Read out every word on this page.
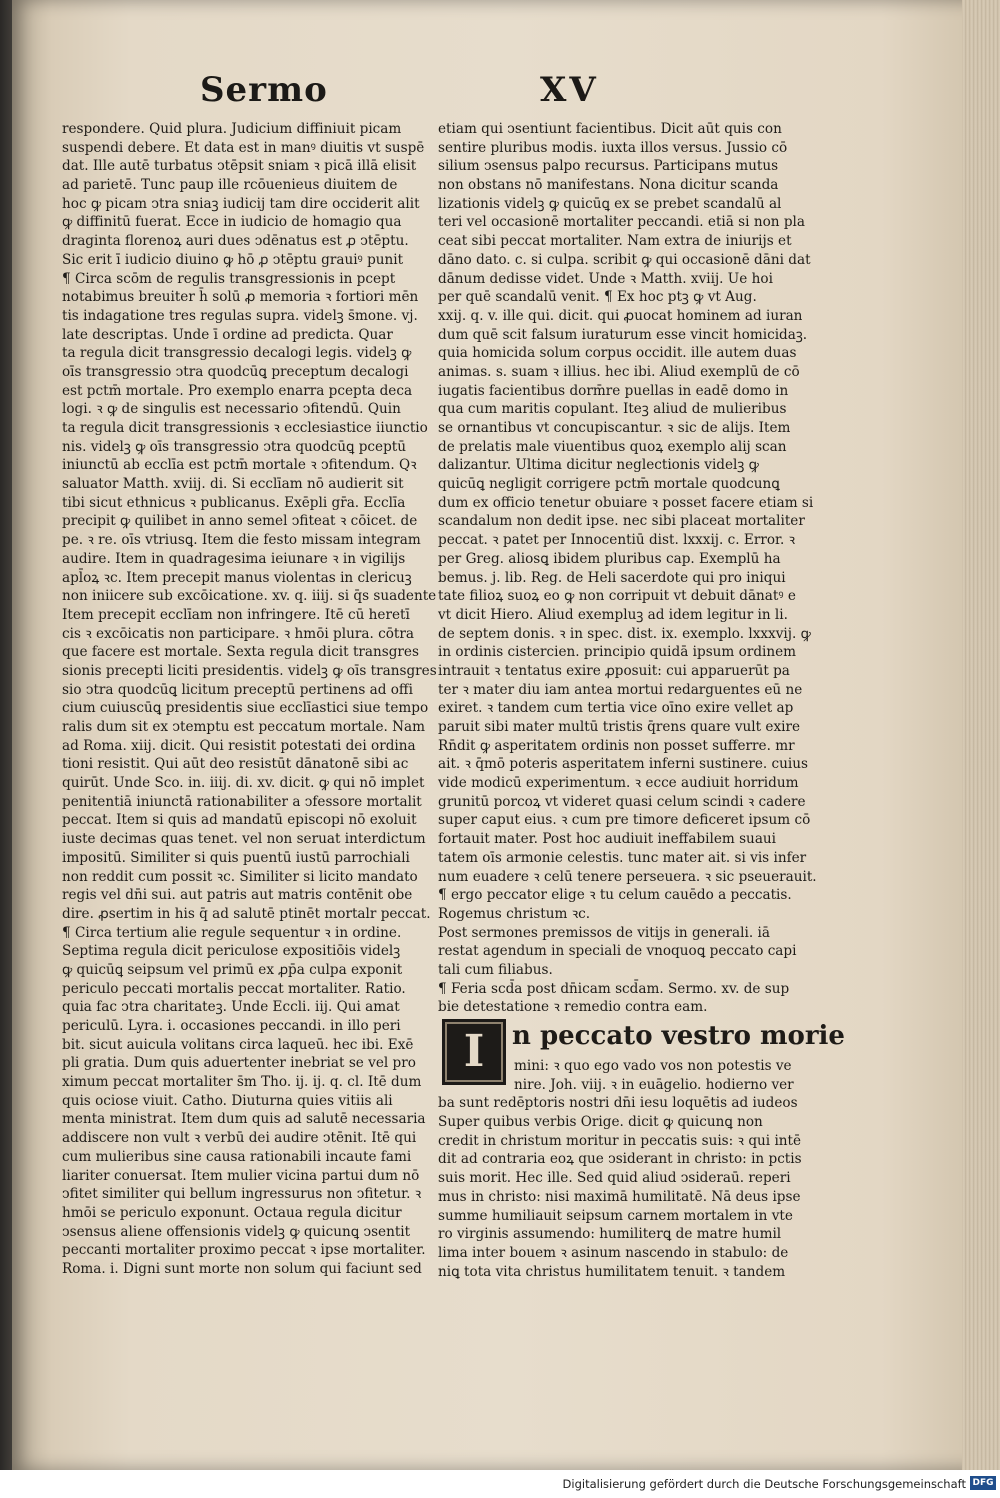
Sermo	XV
respondere. Quid plura. Judicium diffiniuit picam
suspendi debere. Et data est in manꝰ diuitis vt suspē
dat. Ille autē turbatus ↄtēpsit sniam ꝛ picā illā elisit
ad parietē. Tunc paup ille rcōuenieus diuitem de
hoc ꝙ picam ↄtra sniaꝫ iudicij tam dire occiderit alit
ꝙ diffinitū fuerat. Ecce in iudicio de homagio qua
draginta florenoꝝ auri dues ↄdēnatus est ꝓ ↄtēptu.
Sic erit ī iudicio diuino ꝙ hō ꝓ ↄtēptu grauiꝰ punit
¶ Circa scōm de regulis transgressionis in pcept
notabimus breuiter h̄ solū ꝓ memoria ꝛ fortiori mēn
tis indagatione tres regulas supra. videlꝫ s̄mone. vj.
late descriptas. Unde ī ordine ad predicta. Quar
ta regula dicit transgressio decalogi legis. videlꝫ ꝙ
oīs transgressio ↄtra quodcūꝗ preceptum decalogi
est pctm̄ mortale. Pro exemplo enarra pcepta deca
logi. ꝛ ꝙ de singulis est necessario ↄfitendū. Quin
ta regula dicit transgressionis ꝛ ecclesiastice iiunctio
nis. videlꝫ ꝙ oīs transgressio ↄtra quodcūꝗ pceptū
iniunctū ab ecclīa est pctm̄ mortale ꝛ ↄfitendum. Qꝛ
saluator Matth. xviij. di. Si ecclīam nō audierit sit
tibi sicut ethnicus ꝛ publicanus. Exēpli gr̄a. Ecclīa
precipit ꝙ quilibet in anno semel ↄfiteat ꝛ cōicet. de
pe. ꝛ re. oīs vtriusꝗ. Item die festo missam integram
audire. Item in quadragesima ieiunare ꝛ in vigilijs
apl̄oꝝ ꝛc. Item precepit manus violentas in clericuꝫ
non iniicere sub excōicatione. xv. q. iiij. si q̄s suadente
Item precepit ecclīam non infringere. Itē cū heretī
cis ꝛ excōicatis non participare. ꝛ hmōi plura. cōtra
que facere est mortale. Sexta regula dicit transgres
sionis precepti liciti presidentis. videlꝫ ꝙ oīs transgres
sio ↄtra quodcūꝗ licitum preceptū pertinens ad offi
cium cuiuscūꝗ presidentis siue ecclīastici siue tempo
ralis dum sit ex ↄtemptu est peccatum mortale. Nam
ad Roma. xiij. dicit. Qui resistit potestati dei ordina
tioni resistit. Qui aūt deo resistūt dānatonē sibi ac
quirūt. Unde Sco. in. iiij. di. xv. dicit. ꝙ qui nō implet
penitentiā iniunctā rationabiliter a ↄfessore mortalit
peccat. Item si quis ad mandatū episcopi nō exoluit
iuste decimas quas tenet. vel non seruat interdictum
impositū. Similiter si quis puentū iustū parrochiali
non reddit cum possit ꝛc. Similiter si licito mandato
regis vel dn̄i sui. aut patris aut matris contēnit obe
dire. ꝓsertim in his q̄ ad salutē ptinēt mortalr peccat.
¶ Circa tertium alie regule sequentur ꝛ in ordine.
Septima regula dicit periculose expositiōis videlꝫ
ꝙ quicūꝗ seipsum vel primū ex ꝓp̄a culpa exponit
periculo peccati mortalis peccat mortaliter. Ratio.
quia fac ↄtra charitateꝫ. Unde Eccli. iij. Qui amat
periculū. Lyra. i. occasiones peccandi. in illo peri
bit. sicut auicula volitans circa laqueū. hec ibi. Exē
pli gratia. Dum quis aduertenter inebriat se vel pro
ximum peccat mortaliter s̄m Tho. ij. ij. q. cl. Itē dum
quis ociose viuit. Catho. Diuturna quies vitiis ali
menta ministrat. Item dum quis ad salutē necessaria
addiscere non vult ꝛ verbū dei audire ↄtēnit. Itē qui
cum mulieribus sine causa rationabili incaute fami
liariter conuersat. Item mulier vicina partui dum nō
ↄfitet similiter qui bellum ingressurus non ↄfitetur. ꝛ
hmōi se periculo exponunt. Octaua regula dicitur
ↄsensus aliene offensionis videlꝫ ꝙ quicunꝗ ↄsentit
peccanti mortaliter proximo peccat ꝛ ipse mortaliter.
Roma. i. Digni sunt morte non solum qui faciunt sed
etiam qui ↄsentiunt facientibus. Dicit aūt quis con
sentire pluribus modis. iuxta illos versus. Jussio cō
silium ↄsensus palpo recursus. Participans mutus
non obstans nō manifestans. Nona dicitur scanda
lizationis videlꝫ ꝙ quicūꝗ ex se prebet scandalū al
teri vel occasionē mortaliter peccandi. etiā si non pla
ceat sibi peccat mortaliter. Nam extra de iniurijs et
dāno dato. c. si culpa. scribit ꝙ qui occasionē dāni dat
dānum dedisse videt. Unde ꝛ Matth. xviij. Ue hoi
per quē scandalū venit. ¶ Ex hoc ptꝫ ꝙ vt Aug.
xxij. q. v. ille qui. dicit. qui ꝓuocat hominem ad iuran
dum quē scit falsum iuraturum esse vincit homicidaꝫ.
quia homicida solum corpus occidit. ille autem duas
animas. s. suam ꝛ illius. hec ibi. Aliud exemplū de cō
iugatis facientibus dorm̄re puellas in eadē domo in
qua cum maritis copulant. Iteꝫ aliud de mulieribus
se ornantibus vt concupiscantur. ꝛ sic de alijs. Item
de prelatis male viuentibus quoꝝ exemplo alij scan
dalizantur. Ultima dicitur neglectionis videlꝫ ꝙ
quicūꝗ negligit corrigere pctm̄ mortale quodcunꝗ
dum ex officio tenetur obuiare ꝛ posset facere etiam si
scandalum non dedit ipse. nec sibi placeat mortaliter
peccat. ꝛ patet per Innocentiū dist. lxxxij. c. Error. ꝛ
per Greg. aliosꝗ ibidem pluribus cap. Exemplū ha
bemus. j. lib. Reg. de Heli sacerdote qui pro iniqui
tate filioꝝ suoꝝ eo ꝙ non corripuit vt debuit dānatꝰ e
vt dicit Hiero. Aliud exempluꝫ ad idem legitur in li.
de septem donis. ꝛ in spec. dist. ix. exemplo. lxxxvij. ꝙ
in ordinis cistercien. principio quidā ipsum ordinem
intrauit ꝛ tentatus exire ꝓposuit: cui apparuerūt pa
ter ꝛ mater diu iam antea mortui redarguentes eū ne
exiret. ꝛ tandem cum tertia vice oīno exire vellet ap
paruit sibi mater multū tristis q̄rens quare vult exire
Rn̄dit ꝙ asperitatem ordinis non posset sufferre. mr
ait. ꝛ q̄mō poteris asperitatem inferni sustinere. cuius
vide modicū experimentum. ꝛ ecce audiuit horridum
grunitū porcoꝝ vt videret quasi celum scindi ꝛ cadere
super caput eius. ꝛ cum pre timore deficeret ipsum cō
fortauit mater. Post hoc audiuit ineffabilem suaui
tatem oīs armonie celestis. tunc mater ait. si vis infer
num euadere ꝛ celū tenere perseuera. ꝛ sic pseuerauit.
¶ ergo peccator elige ꝛ tu celum cauēdo a peccatis.
Rogemus christum ꝛc.
Post sermones premissos de vitijs in generali. iā
restat agendum in speciali de vnoquoꝗ peccato capi
tali cum filiabus.
¶ Feria scd̄a post dn̄icam scd̄am. Sermo. xv. de sup
bie detestatione ꝛ remedio contra eam.
n peccato vestro morie
I	mini: ꝛ quo ego vado vos non potestis ve
nire. Joh. viij. ꝛ in euāgelio. hodierno ver
ba sunt redēptoris nostri dn̄i iesu loquētis ad iudeos
Super quibus verbis Orige. dicit ꝙ quicunꝗ non
credit in christum moritur in peccatis suis: ꝛ qui intē
dit ad contraria eoꝝ que ↄsiderant in christo: in pctis
suis morit. Hec ille. Sed quid aliud ↄsideraū. reperi
mus in christo: nisi maximā humilitatē. Nā deus ipse
summe humiliauit seipsum carnem mortalem in vte
ro virginis assumendo: humiliterꝗ de matre humil
lima inter bouem ꝛ asinum nascendo in stabulo: de
niꝗ tota vita christus humilitatem tenuit. ꝛ tandem
Digitalisierung gefördert durch die Deutsche Forschungsgemeinschaft DFG
